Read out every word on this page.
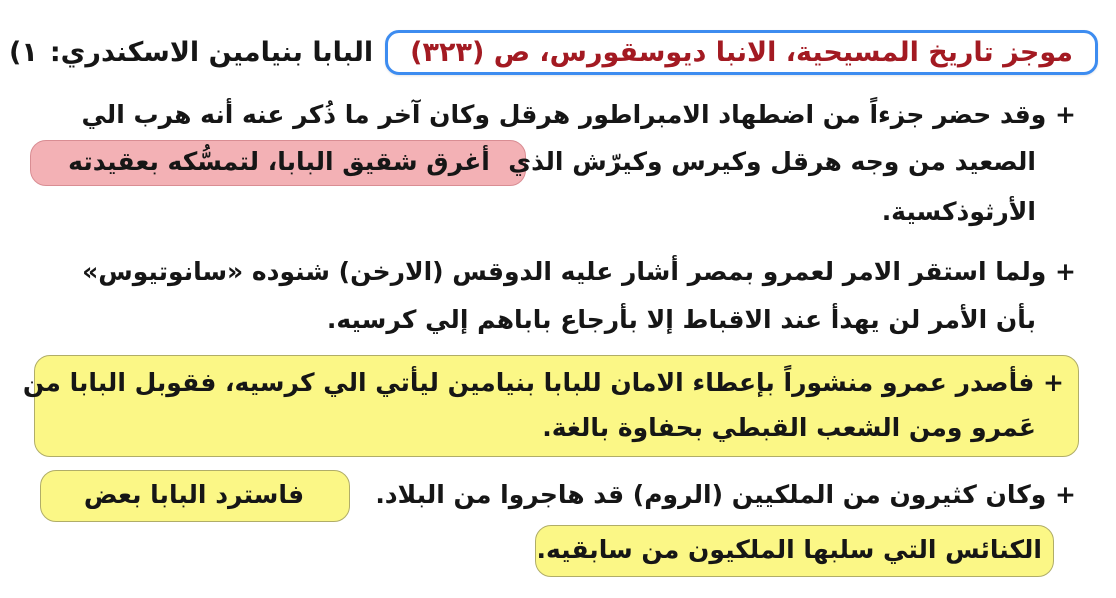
١) البابا بنيامين الاسكندري:	موجز تاريخ المسيحية، الانبا ديوسقورس، ص (٣٢٣)
+ وقد حضر جزءاً من اضطهاد الامبراطور هرقل وكان آخر ما ذُكر عنه أنه هرب الي
أغرق شقيق البابا، لتمسُّكه بعقيدته الصعيد من وجه هرقل وكيرس وكيرّش الذي
الأرثوذكسية.
+ ولما استقر الامر لعمرو بمصر أشار عليه الدوقس (الارخن) شنوده «سانوتيوس»
بأن الأمر لن يهدأ عند الاقباط إلا بأرجاع باباهم إلي كرسيه.
+ فأصدر عمرو منشوراً بإعطاء الامان للبابا بنيامين ليأتي الي كرسيه، فقوبل البابا من
عَمرو ومن الشعب القبطي بحفاوة بالغة.
+ وكان كثيرون من الملكيين (الروم) قد هاجروا من البلاد.
فاسترد البابا بعض
الكنائس التي سلبها الملكيون من سابقيه.
